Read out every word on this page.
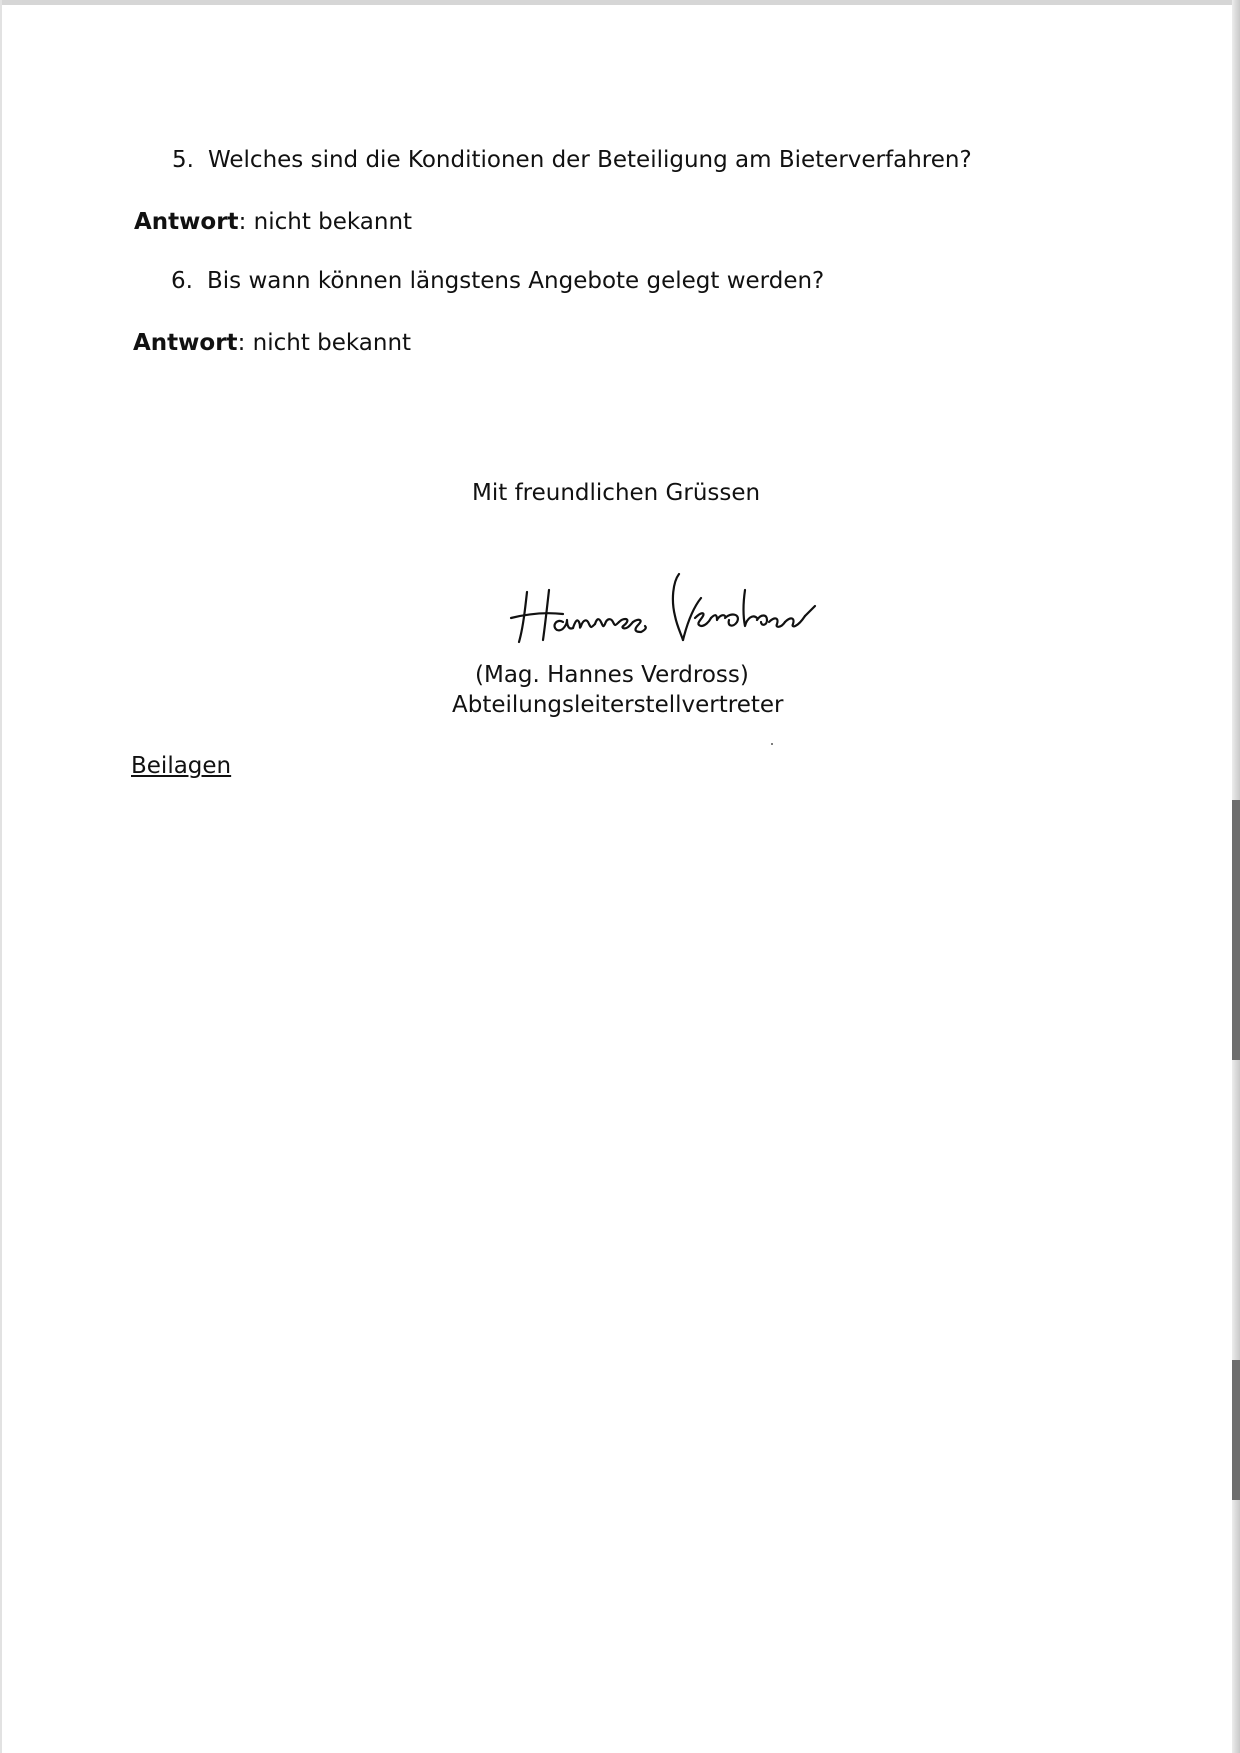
5. Welches sind die Konditionen der Beteiligung am Bieterverfahren?
Antwort: nicht bekannt
6. Bis wann können längstens Angebote gelegt werden?
Antwort: nicht bekannt
Mit freundlichen Grüssen
(Mag. Hannes Verdross)
Abteilungsleiterstellvertreter
Beilagen
